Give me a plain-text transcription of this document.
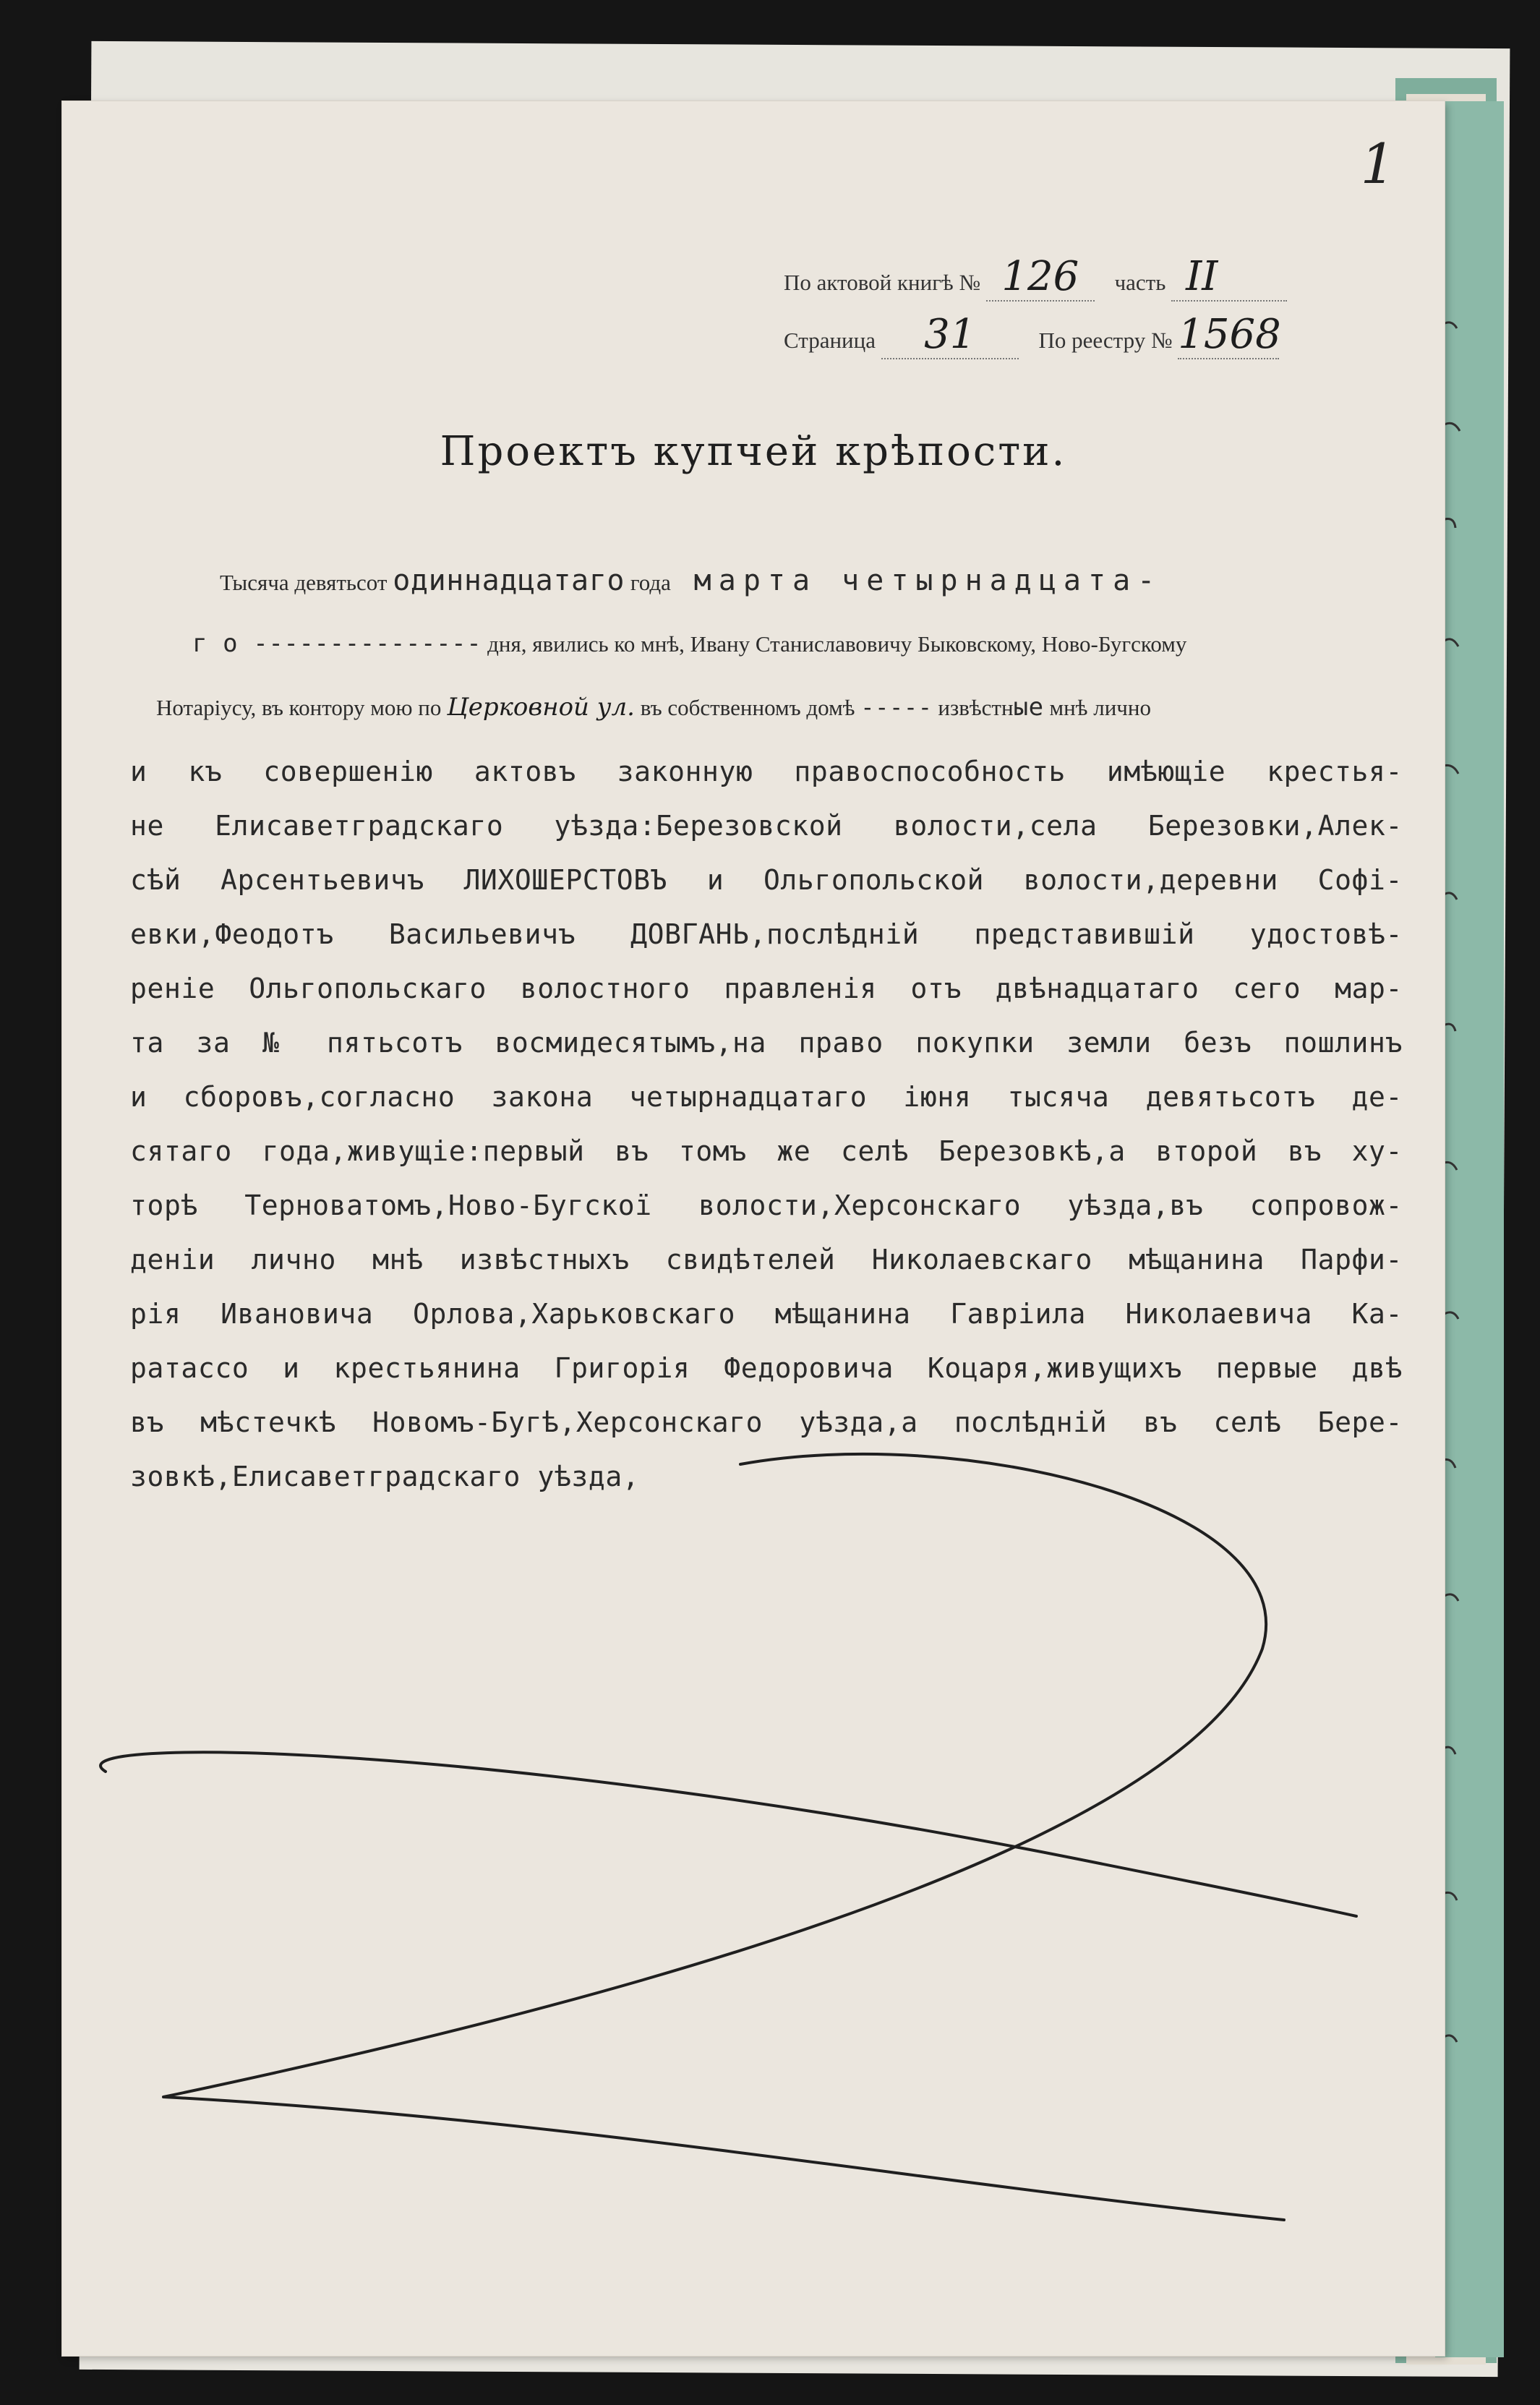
1
По актовой книгѣ № 126 часть II
Страница 31	По реестру № 1568
Проектъ купчей крѣпости.
Тысяча девятьсот одиннадцатаго года марта четырнадцата-
г о --------------- дня, явились ко мнѣ, Ивану Станиславовичу Быковскому, Ново-Бугскому
Нотаріусу, въ контору мою по Церковной ул. въ собственномъ домѣ ----- извѣстные мнѣ лично
и къ совершенію актовъ законную правоспособность имѣющіе крестья-
не Елисаветградскаго уѣзда:Березовской волости,села Березовки,Алек-
сѣй Арсентьевичъ ЛИХОШЕРСТОВЪ и Ольгопольской волости,деревни Софі-
евки,Феодотъ Васильевичъ ДОВГАНЬ,послѣдній представившій удостовѣ-
реніе Ольгопольскаго волостного правленія отъ двѣнадцатаго сего мар-
та за № пятьсотъ восмидесятымъ,на право покупки земли безъ пошлинъ
и сборовъ,согласно закона четырнадцатаго іюня тысяча девятьсотъ де-
сятаго года,живущіе:первый въ томъ же селѣ Березовкѣ,а второй въ ху-
торѣ Терноватомъ,Ново-Бугскої волости,Херсонскаго уѣзда,въ сопровож-
деніи лично мнѣ извѣстныхъ свидѣтелей Николаевскаго мѣщанина Парфи-
рія Ивановича Орлова,Харьковскаго мѣщанина Гавріила Николаевича Ка-
ратассо и крестьянина Григорія Федоровича Коцаря,живущихъ первые двѣ
въ мѣстечкѣ Новомъ-Бугѣ,Херсонскаго уѣзда,а послѣдній въ селѣ Бере-
зовкѣ,Елисаветградскаго уѣзда,
